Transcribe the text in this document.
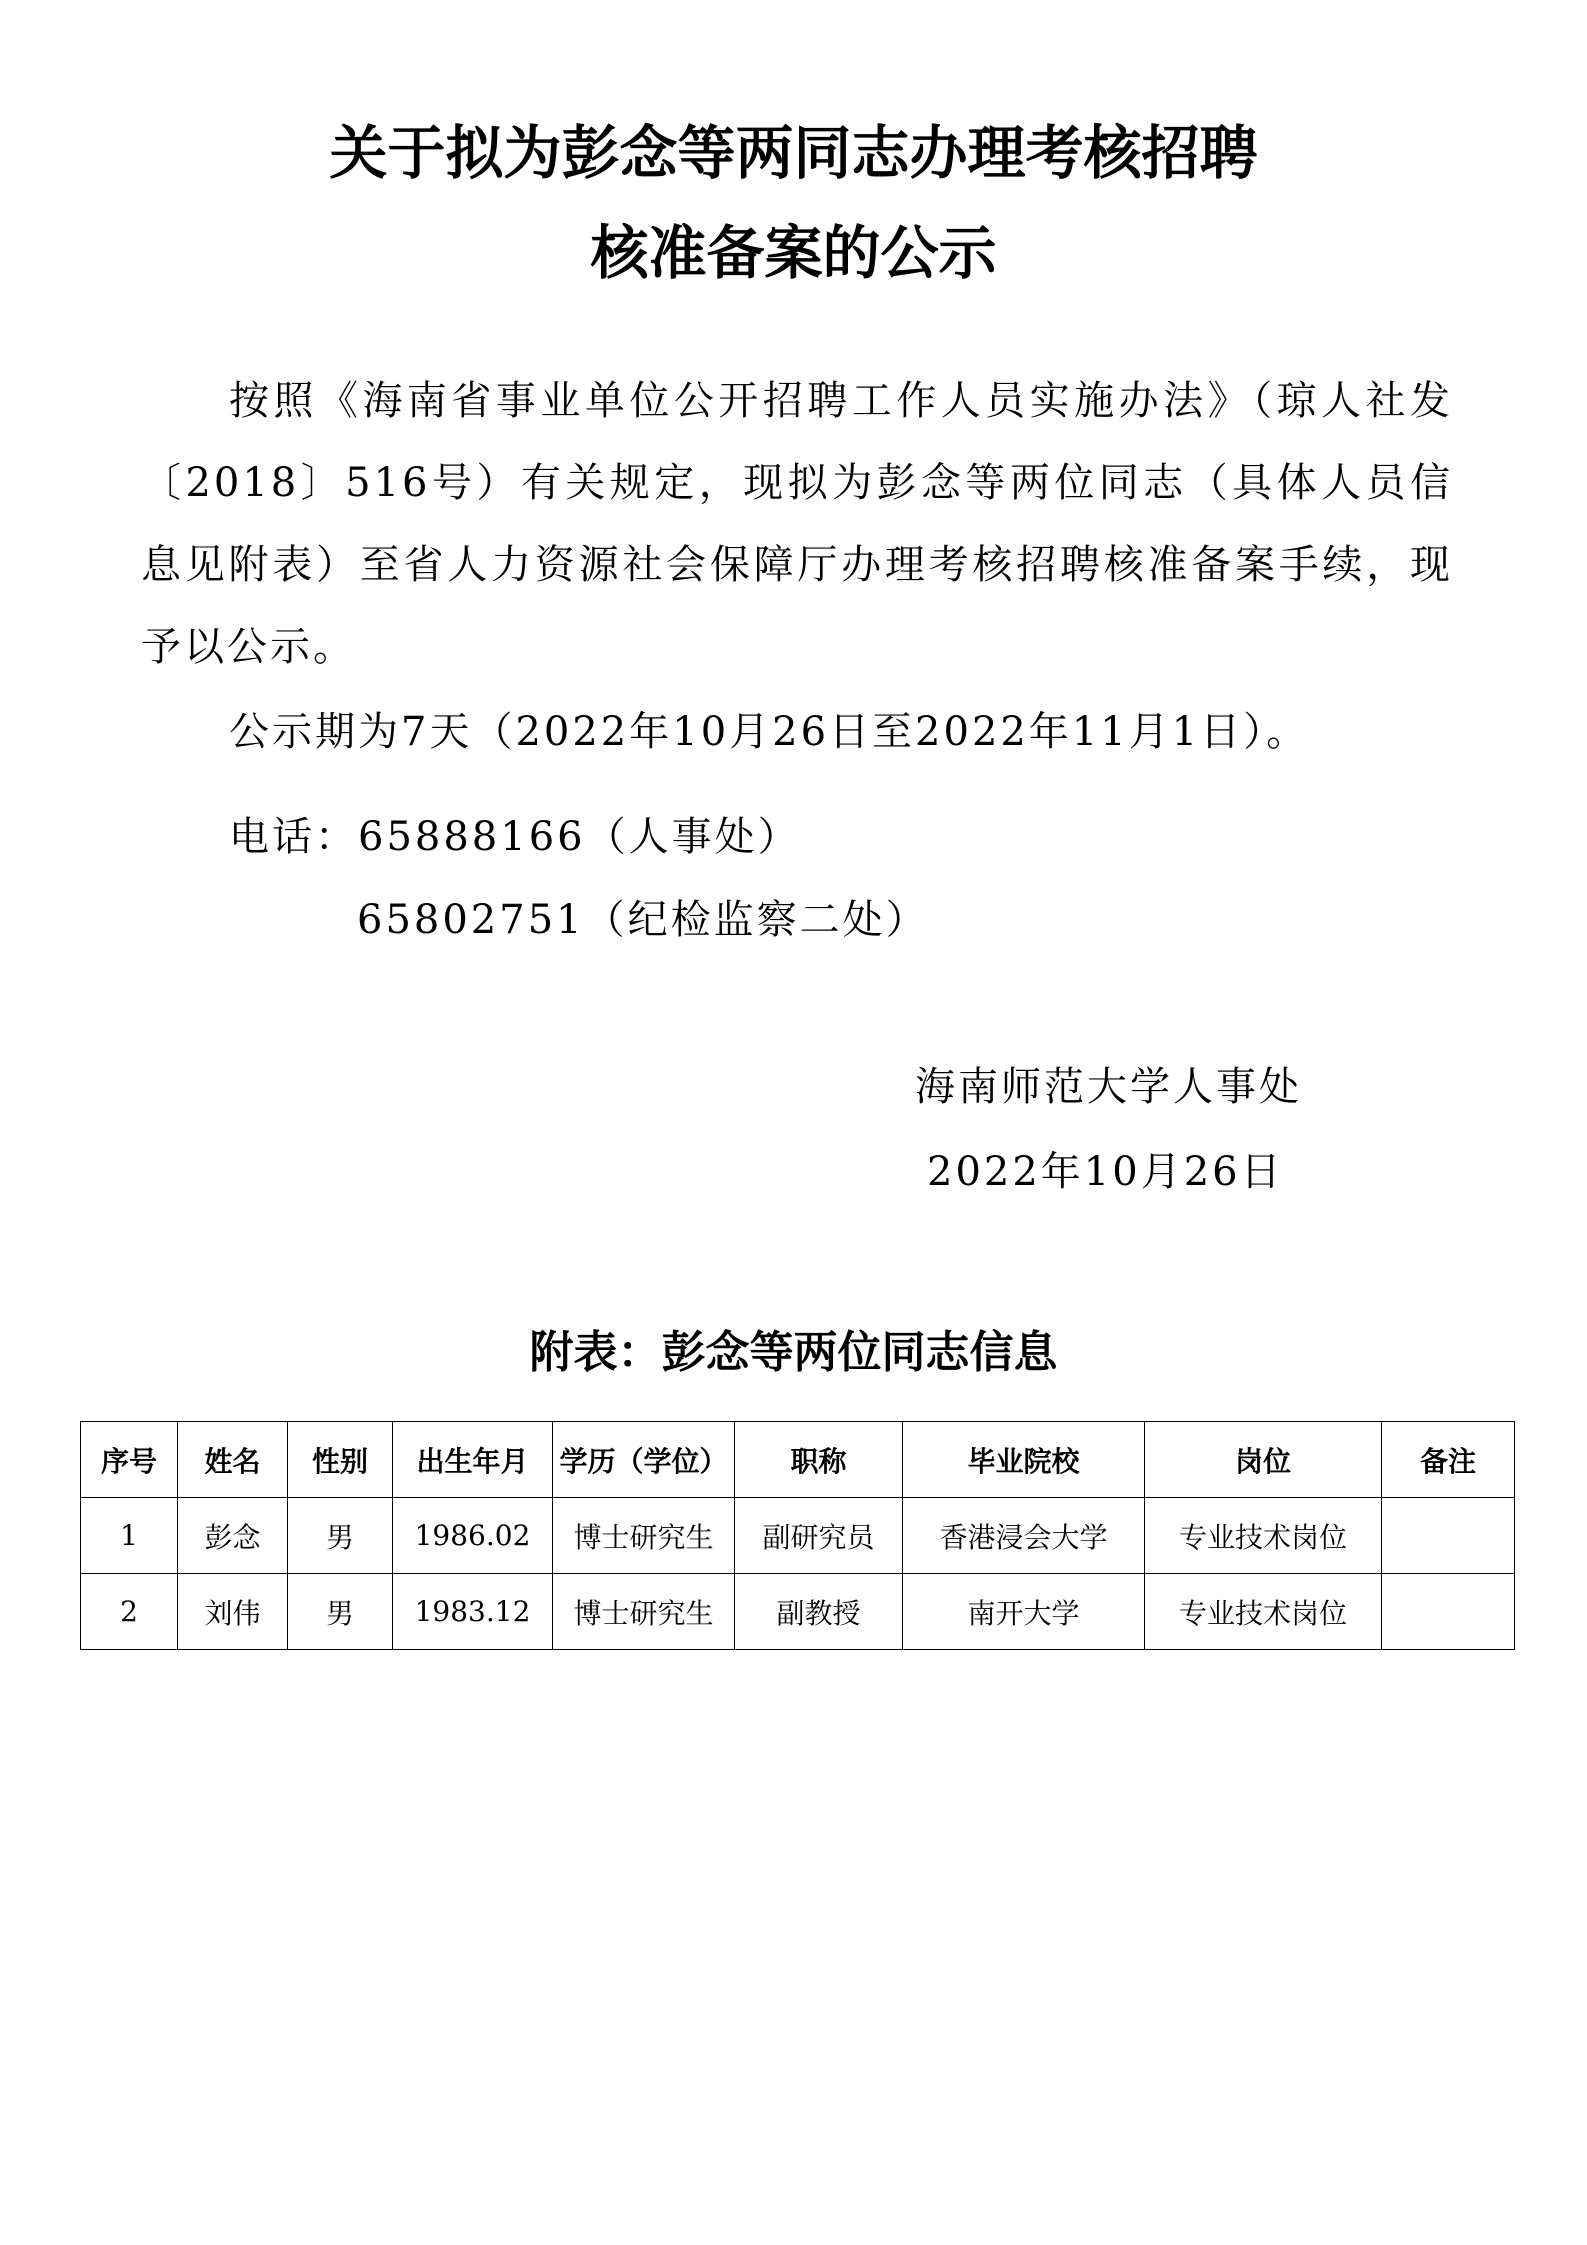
关于拟为彭念等两同志办理考核招聘
核准备案的公示

按照《海南省事业单位公开招聘工作人员实施办法》（琼人社发〔2018〕516号）有关规定，现拟为彭念等两位同志（具体人员信息见附表）至省人力资源社会保障厅办理考核招聘核准备案手续，现予以公示。

公示期为7天（2022年10月26日至2022年11月1日）。

电话：65888166（人事处）

65802751（纪检监察二处）

海南师范大学人事处

2022年10月26日

附表：彭念等两位同志信息
序号	姓名	性别	出生年月	学历（学位）	职称	毕业院校	岗位	备注
1	彭念	男	1986.02	博士研究生	副研究员	香港浸会大学	专业技术岗位	
2	刘伟	男	1983.12	博士研究生	副教授	南开大学	专业技术岗位	
